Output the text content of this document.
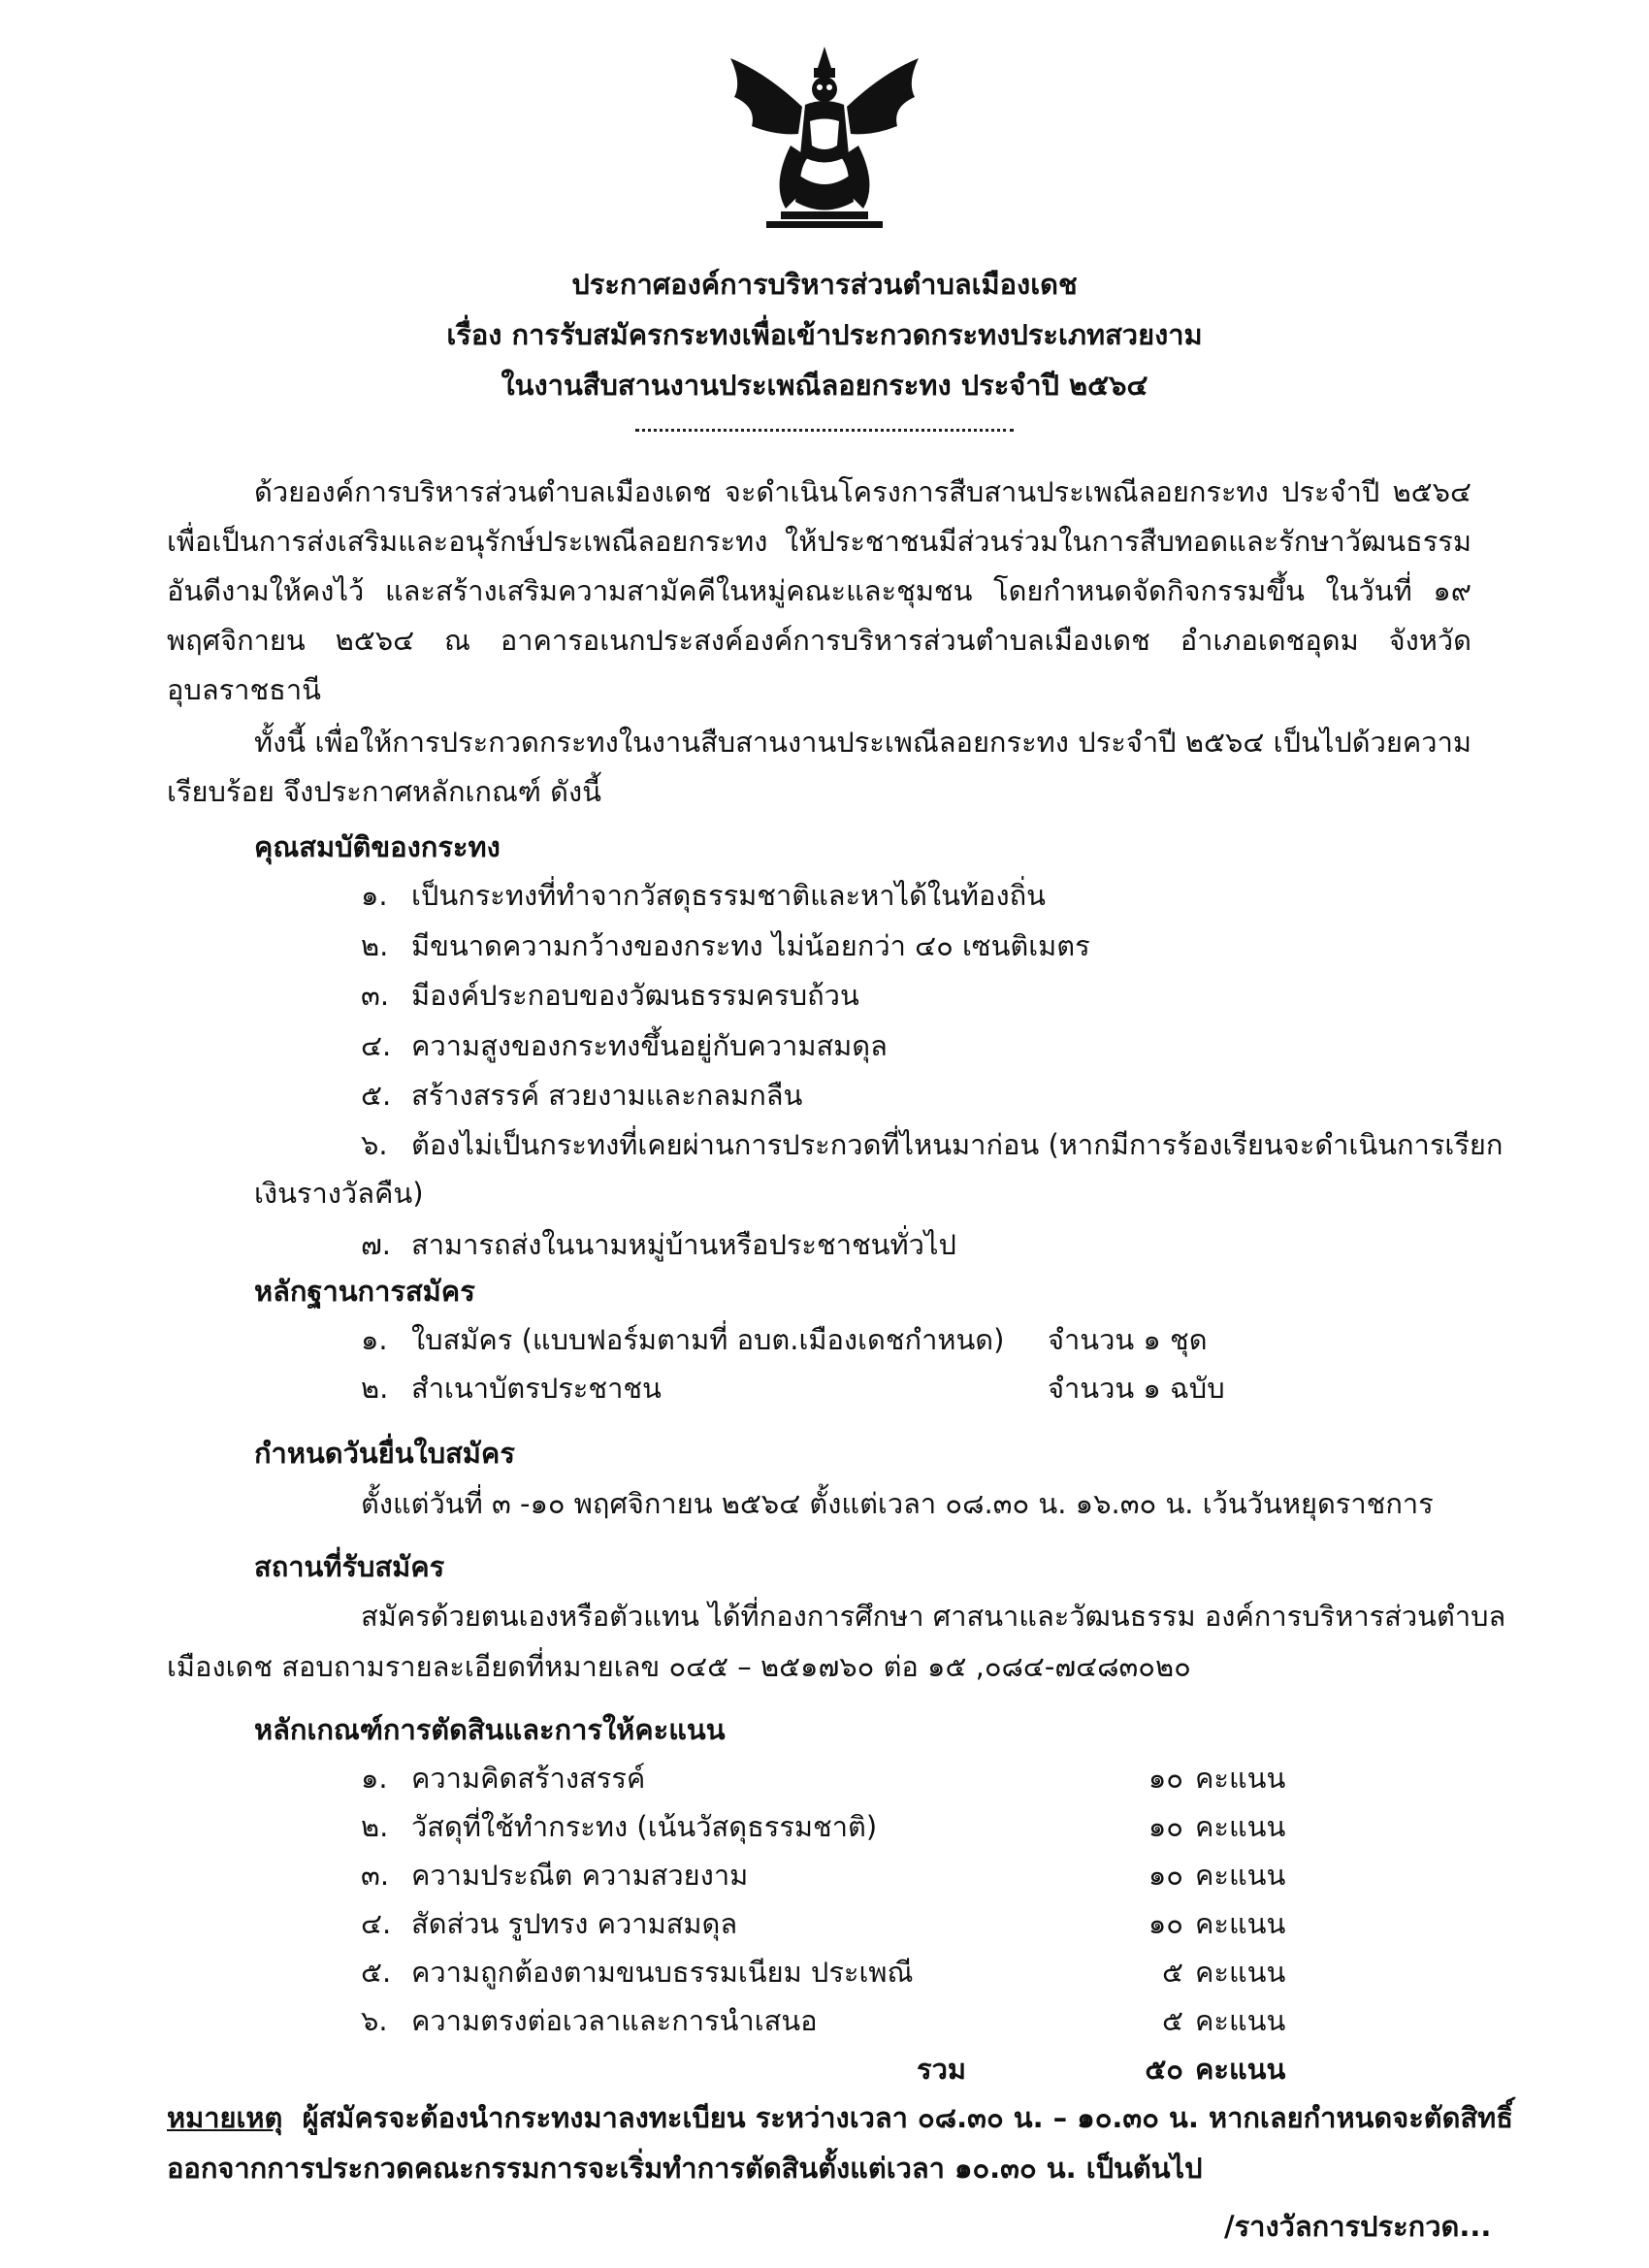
ประกาศองค์การบริหารส่วนตำบลเมืองเดช
เรื่อง การรับสมัครกระทงเพื่อเข้าประกวดกระทงประเภทสวยงาม
ในงานสืบสานงานประเพณีลอยกระทง ประจำปี ๒๕๖๔
ด้วยองค์การบริหารส่วนตำบลเมืองเดช จะดำเนินโครงการสืบสานประเพณีลอยกระทง ประจำปี ๒๕๖๔ เพื่อเป็นการส่งเสริมและอนุรักษ์ประเพณีลอยกระทง ให้ประชาชนมีส่วนร่วมในการสืบทอดและรักษาวัฒนธรรมอันดีงามให้คงไว้ และสร้างเสริมความสามัคคีในหมู่คณะและชุมชน โดยกำหนดจัดกิจกรรมขึ้น ในวันที่ ๑๙ พฤศจิกายน ๒๕๖๔ ณ อาคารอเนกประสงค์องค์การบริหารส่วนตำบลเมืองเดช อำเภอเดชอุดม จังหวัดอุบลราชธานี
ทั้งนี้ เพื่อให้การประกวดกระทงในงานสืบสานงานประเพณีลอยกระทง ประจำปี ๒๕๖๔ เป็นไปด้วยความเรียบร้อย จึงประกาศหลักเกณฑ์ ดังนี้
คุณสมบัติของกระทง
๑. เป็นกระทงที่ทำจากวัสดุธรรมชาติและหาได้ในท้องถิ่น
๒. มีขนาดความกว้างของกระทง ไม่น้อยกว่า ๔๐ เซนติเมตร
๓. มีองค์ประกอบของวัฒนธรรมครบถ้วน
๔. ความสูงของกระทงขึ้นอยู่กับความสมดุล
๕. สร้างสรรค์ สวยงามและกลมกลืน
๖. ต้องไม่เป็นกระทงที่เคยผ่านการประกวดที่ไหนมาก่อน (หากมีการร้องเรียนจะดำเนินการเรียก
เงินรางวัลคืน)
๗. สามารถส่งในนามหมู่บ้านหรือประชาชนทั่วไป
หลักฐานการสมัคร
๑. ใบสมัคร (แบบฟอร์มตามที่ อบต.เมืองเดชกำหนด) จำนวน ๑ ชุด
๒. สำเนาบัตรประชาชน	จำนวน ๑ ฉบับ
กำหนดวันยื่นใบสมัคร
ตั้งแต่วันที่ ๓ -๑๐ พฤศจิกายน ๒๕๖๔ ตั้งแต่เวลา ๐๘.๓๐ น. ๑๖.๓๐ น. เว้นวันหยุดราชการ
สถานที่รับสมัคร
สมัครด้วยตนเองหรือตัวแทน ได้ที่กองการศึกษา ศาสนาและวัฒนธรรม องค์การบริหารส่วนตำบล
เมืองเดช สอบถามรายละเอียดที่หมายเลข ๐๔๕ – ๒๕๑๗๖๐ ต่อ ๑๕ ,๐๘๔-๗๔๘๓๐๒๐
หลักเกณฑ์การตัดสินและการให้คะแนน
๑. ความคิดสร้างสรรค์	๑๐ คะแนน
๒. วัสดุที่ใช้ทำกระทง (เน้นวัสดุธรรมชาติ)	๑๐ คะแนน
๓. ความประณีต ความสวยงาม	๑๐ คะแนน
๔. สัดส่วน รูปทรง ความสมดุล	๑๐ คะแนน
๕. ความถูกต้องตามขนบธรรมเนียม ประเพณี	๕ คะแนน
๖. ความตรงต่อเวลาและการนำเสนอ	๕ คะแนน
รวม	๕๐ คะแนน
หมายเหตุ ผู้สมัครจะต้องนำกระทงมาลงทะเบียน ระหว่างเวลา ๐๘.๓๐ น. – ๑๐.๓๐ น. หากเลยกำหนดจะตัดสิทธิ์
ออกจากการประกวดคณะกรรมการจะเริ่มทำการตัดสินตั้งแต่เวลา ๑๐.๓๐ น. เป็นต้นไป
/รางวัลการประกวด...
